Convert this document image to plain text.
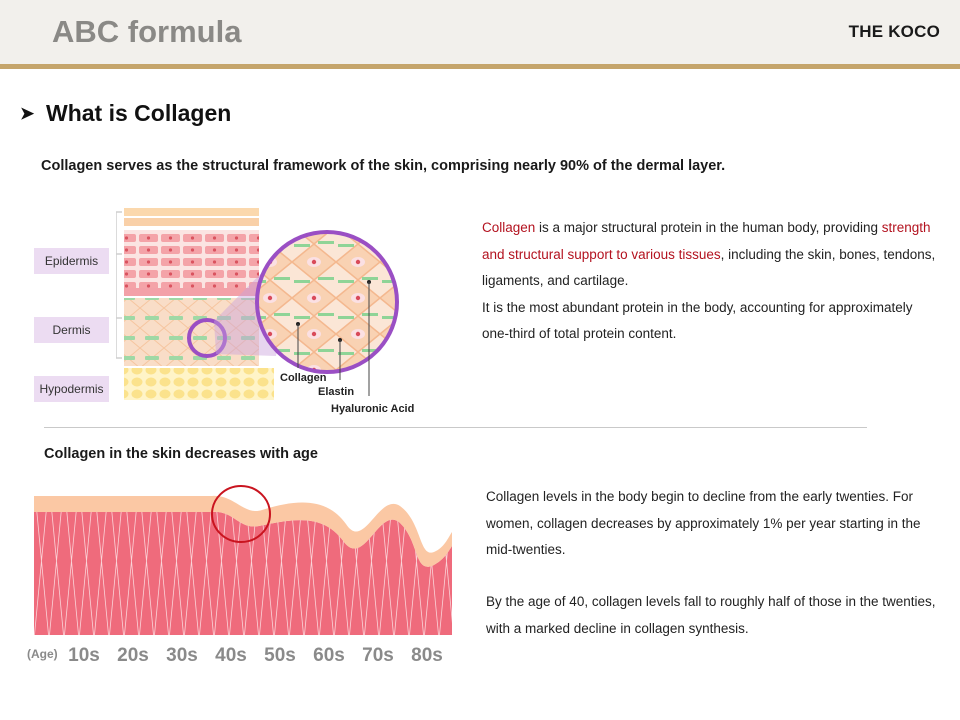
ABC formula	THE KOCO
➤ What is Collagen
Collagen serves as the structural framework of the skin, comprising nearly 90% of the dermal layer.
Epidermis
Dermis
Hypodermis
Collagen
Elastin
Hyaluronic Acid
Collagen is a major structural protein in the human body, providing strength and structural support to various tissues, including the skin, bones, tendons, ligaments, and cartilage.
It is the most abundant protein in the body, accounting for approximately one-third of total protein content.
Collagen in the skin decreases with age
(Age) 10s 20s 30s 40s 50s 60s 70s 80s
Collagen levels in the body begin to decline from the early twenties. For women, collagen decreases by approximately 1% per year starting in the mid-twenties.
By the age of 40, collagen levels fall to roughly half of those in the twenties, with a marked decline in collagen synthesis.
